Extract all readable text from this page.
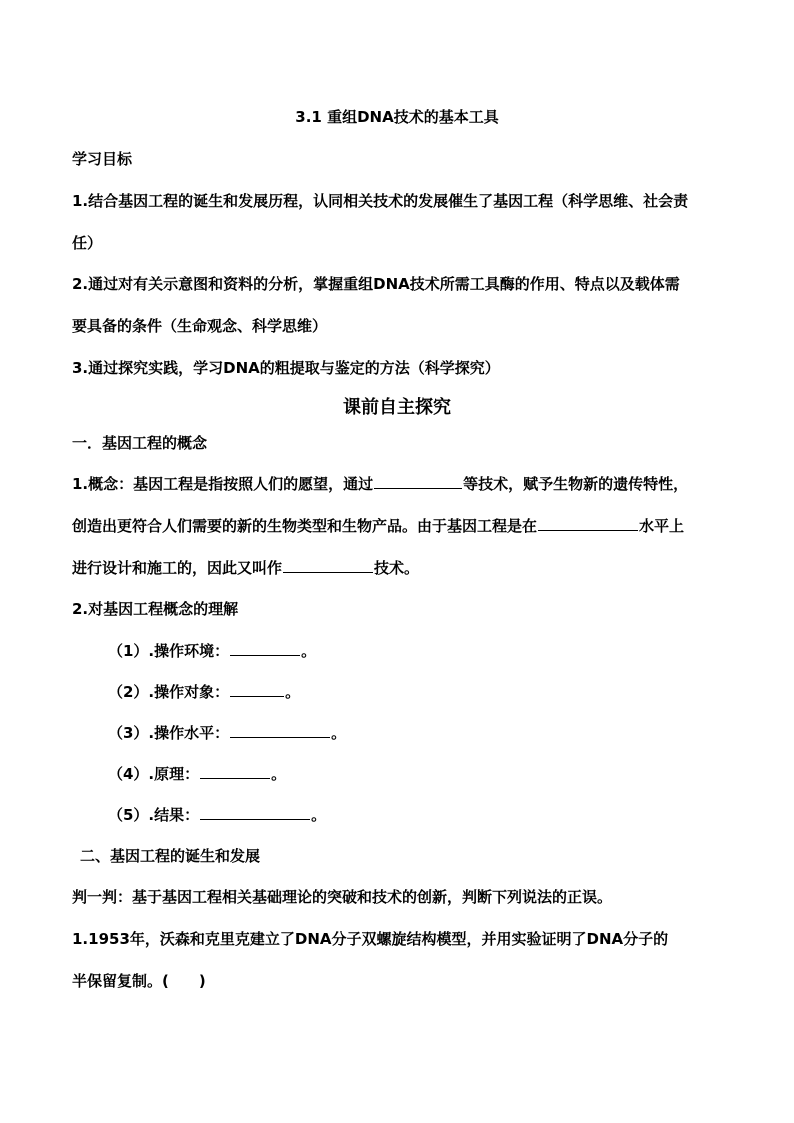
3.1 重组DNA技术的基本工具
学习目标
1.结合基因工程的诞生和发展历程，认同相关技术的发展催生了基因工程（科学思维、社会责
任）
2.通过对有关示意图和资料的分析，掌握重组DNA技术所需工具酶的作用、特点以及载体需
要具备的条件（生命观念、科学思维）
3.通过探究实践，学习DNA的粗提取与鉴定的方法（科学探究）
课前自主探究
一．基因工程的概念
1.概念：基因工程是指按照人们的愿望，通过	等技术，赋予生物新的遗传特性，
创造出更符合人们需要的新的生物类型和生物产品。由于基因工程是在	水平上
进行设计和施工的，因此又叫作	技术。
2.对基因工程概念的理解
（1）.操作环境：	。
（2）.操作对象：	。
（3）.操作水平：	。
（4）.原理：	。
（5）.结果：	。
二、基因工程的诞生和发展
判一判：基于基因工程相关基础理论的突破和技术的创新，判断下列说法的正误。
1.1953年，沃森和克里克建立了DNA分子双螺旋结构模型，并用实验证明了DNA分子的
半保留复制。(　　)
